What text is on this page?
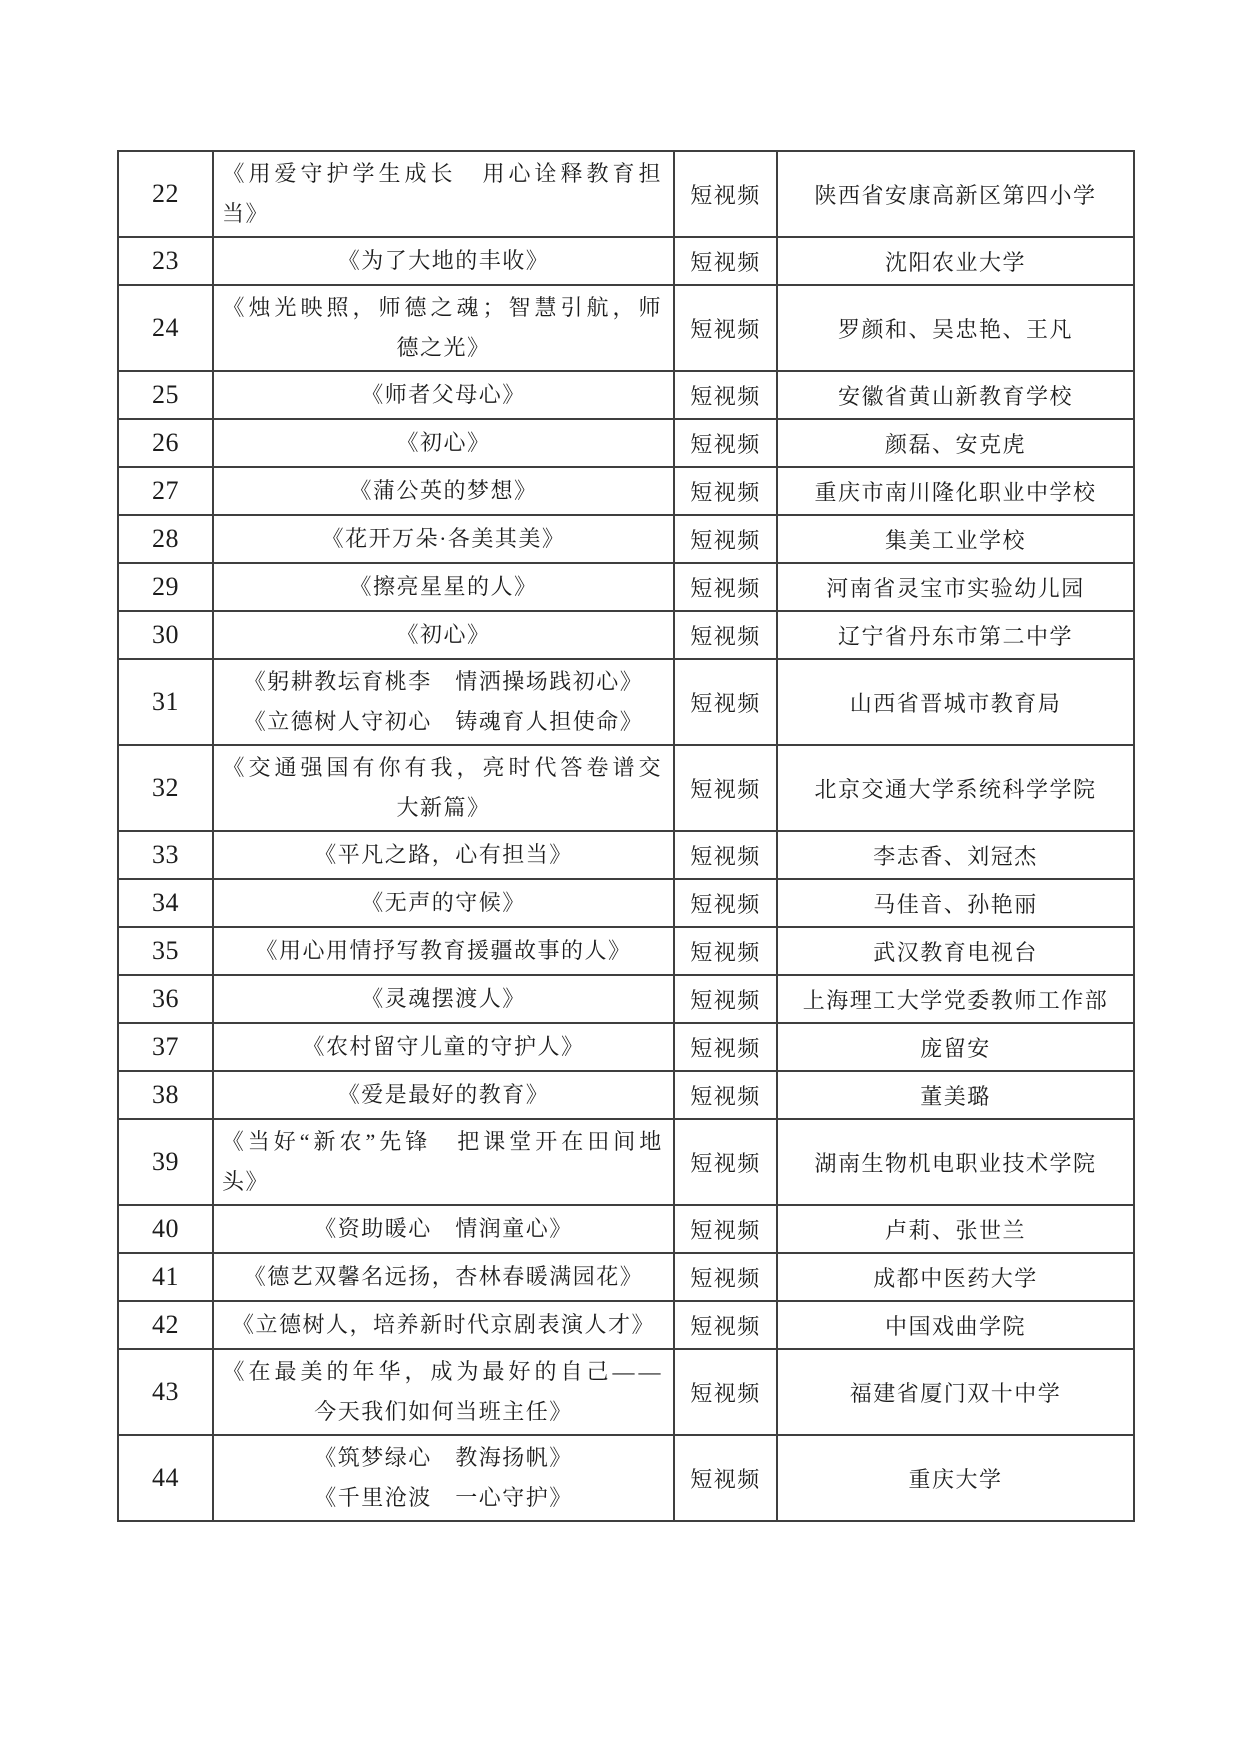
22	《用爱守护学生成长　用心诠释教育担
当》	短视频	陕西省安康高新区第四小学
23	《为了大地的丰收》	短视频	沈阳农业大学
24	《烛光映照，师德之魂；智慧引航，师
德之光》	短视频	罗颜和、吴忠艳、王凡
25	《师者父母心》	短视频	安徽省黄山新教育学校
26	《初心》	短视频	颜磊、安克虎
27	《蒲公英的梦想》	短视频	重庆市南川隆化职业中学校
28	《花开万朵·各美其美》	短视频	集美工业学校
29	《擦亮星星的人》	短视频	河南省灵宝市实验幼儿园
30	《初心》	短视频	辽宁省丹东市第二中学
31	《躬耕教坛育桃李　情洒操场践初心》
《立德树人守初心　铸魂育人担使命》	短视频	山西省晋城市教育局
32	《交通强国有你有我，亮时代答卷谱交
大新篇》	短视频	北京交通大学系统科学学院
33	《平凡之路，心有担当》	短视频	李志香、刘冠杰
34	《无声的守候》	短视频	马佳音、孙艳丽
35	《用心用情抒写教育援疆故事的人》	短视频	武汉教育电视台
36	《灵魂摆渡人》	短视频	上海理工大学党委教师工作部
37	《农村留守儿童的守护人》	短视频	庞留安
38	《爱是最好的教育》	短视频	董美璐
39	《当好“新农”先锋　把课堂开在田间地
头》	短视频	湖南生物机电职业技术学院
40	《资助暖心　情润童心》	短视频	卢莉、张世兰
41	《德艺双馨名远扬，杏林春暖满园花》	短视频	成都中医药大学
42	《立德树人，培养新时代京剧表演人才》	短视频	中国戏曲学院
43	《在最美的年华，成为最好的自己——
今天我们如何当班主任》	短视频	福建省厦门双十中学
44	《筑梦绿心　教海扬帆》
《千里沧波　一心守护》	短视频	重庆大学
